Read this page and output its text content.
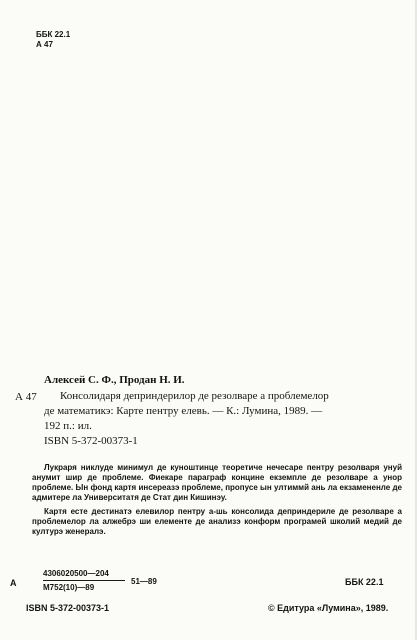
ББК 22.1
А 47
Алексей С. Ф., Продан Н. И.
А 47	Консолидаря деприндерилор де резолваре а проблемелор
де математикэ: Карте пентру елевь. — К.: Лумина, 1989. —
192 п.: ил.
ISBN 5-372-00373-1

Лукраря никлуде минимул де куноштинце теоретиче нечесаре пентру резолваря унуй анумит шир де проблеме. Фиекаре параграф концине екземпле де резолваре а унор проблеме. Ын фонд картя инсереазэ проблеме, пропусе ын ултиммй ань ла екзамененле де адмитере ла Университатя де Стат дин Кишинэу.

Картя есте дестинатэ елевилор пентру а-шь консолида деприндериле де резолваре а проблемелор ла алжебрэ ши елементе де анализэ конформ програмей школий медий де културэ женералэ.

А
4306020500—204
М752(10)—89
51—89	ББК 22.1
ISBN 5-372-00373-1	© Едитура «Лумина», 1989.
